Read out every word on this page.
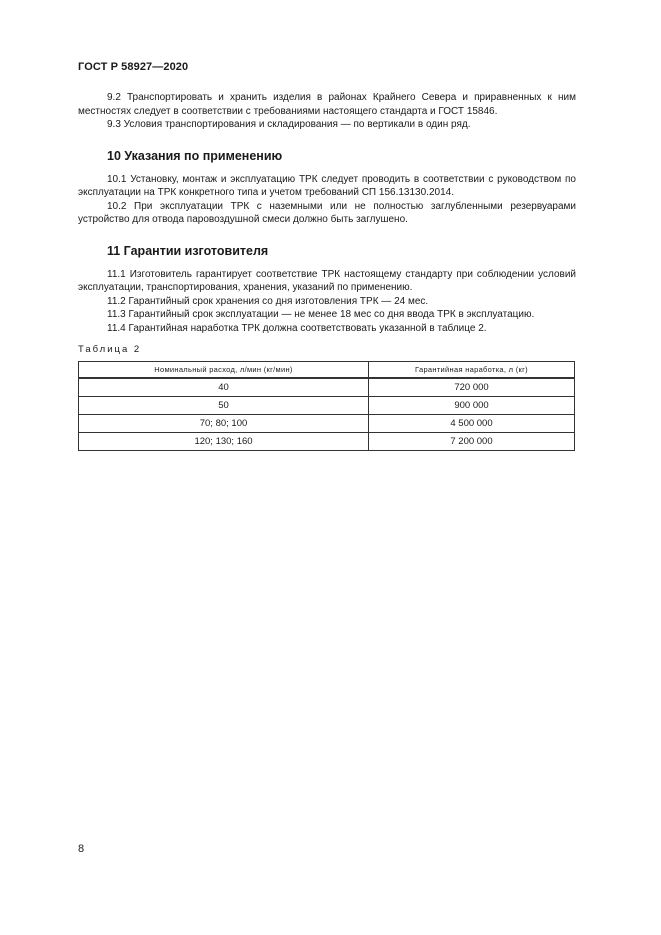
ГОСТ Р 58927—2020

9.2 Транспортировать и хранить изделия в районах Крайнего Севера и приравненных к ним местностях следует в соответствии с требованиями настоящего стандарта и ГОСТ 15846.

9.3 Условия транспортирования и складирования — по вертикали в один ряд.

10 Указания по применению

10.1 Установку, монтаж и эксплуатацию ТРК следует проводить в соответствии с руководством по эксплуатации на ТРК конкретного типа и учетом требований СП 156.13130.2014.

10.2 При эксплуатации ТРК с наземными или не полностью заглубленными резервуарами устройство для отвода паровоздушной смеси должно быть заглушено.

11 Гарантии изготовителя

11.1 Изготовитель гарантирует соответствие ТРК настоящему стандарту при соблюдении условий эксплуатации, транспортирования, хранения, указаний по применению.

11.2 Гарантийный срок хранения со дня изготовления ТРК — 24 мес.

11.3 Гарантийный срок эксплуатации — не менее 18 мес со дня ввода ТРК в эксплуатацию.

11.4 Гарантийная наработка ТРК должна соответствовать указанной в таблице 2.

Таблица 2
Номинальный расход, л/мин (кг/мин)	Гарантийная наработка, л (кг)
40	720 000
50	900 000
70; 80; 100	4 500 000
120; 130; 160	7 200 000
8
